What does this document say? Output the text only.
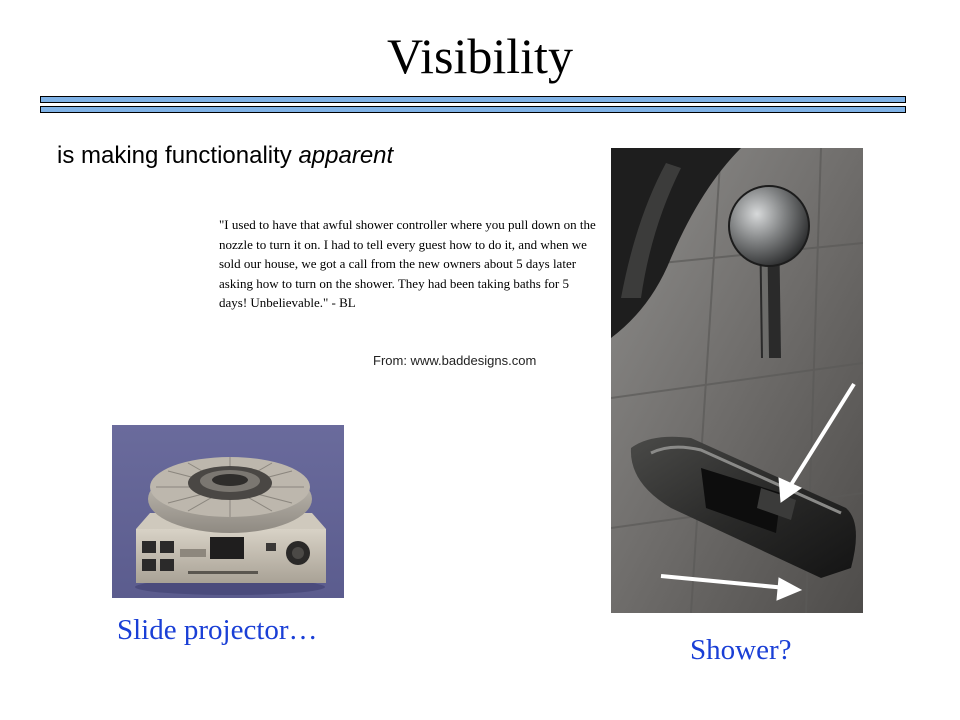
Visibility
is making functionality apparent
"I used to have that awful shower controller where you pull down on the nozzle to turn it on. I had to tell every guest how to do it, and when we sold our house, we got a call from the new owners about 5 days later asking how to turn on the shower. They had been taking baths for 5 days! Unbelievable." - BL
From: www.baddesigns.com
Slide projector…
Shower?
